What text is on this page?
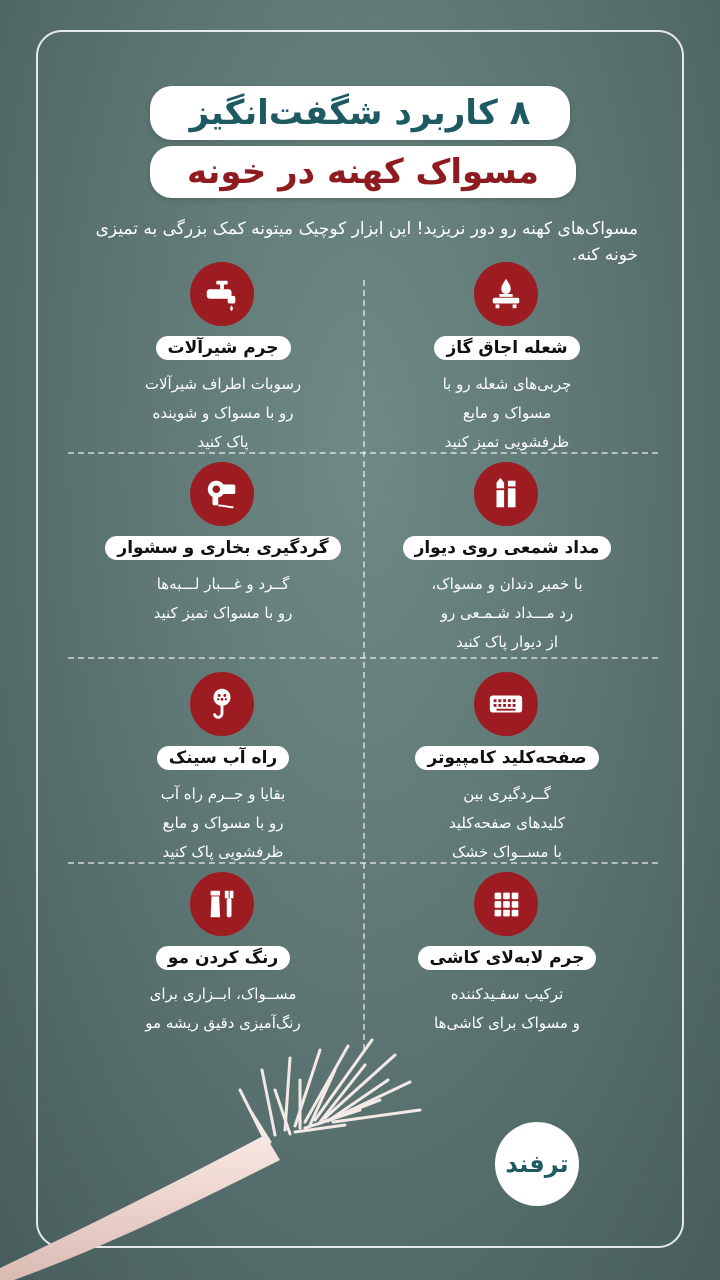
۸ کاربرد شگفت‌انگیز
مسواک کهنه در خونه
مسواک‌های کهنه رو دور نریزید! این ابزار کوچیک میتونه کمک بزرگی به تمیزی خونه کنه.
شعله اجاق گاز
چربی‌های شعله رو با
مسواک و مایع
ظرفشویی تمیز کنید
جرم شیرآلات
رسوبات اطراف شیرآلات
رو با مسواک و شوینده
پاک کنید
مداد شمعی روی دیوار
با خمیر دندان و مسواک،
رد مـــداد شـمـعی رو
از دیوار پاک کنید
گردگیری بخاری و سشوار
گــرد و غـــبار لـــبه‌ها
رو با مسواک تمیز کنید
صفحه‌کلید کامپیوتر
گــردگیری بین
کلیدهای صفحه‌کلید
با مســواک خشک
راه آب سینک
بقایا و جــرم راه آب
رو با مسواک و مایع
ظرفشویی پاک کنید
جرم لابه‌لای کاشی
ترکیب سفـید‌کننده
و مسواک برای کاشی‌ها
رنگ کردن مو
مســواک، ابــزاری برای
رنگ‌آمیزی دقیق ریشه مو
ترفند
